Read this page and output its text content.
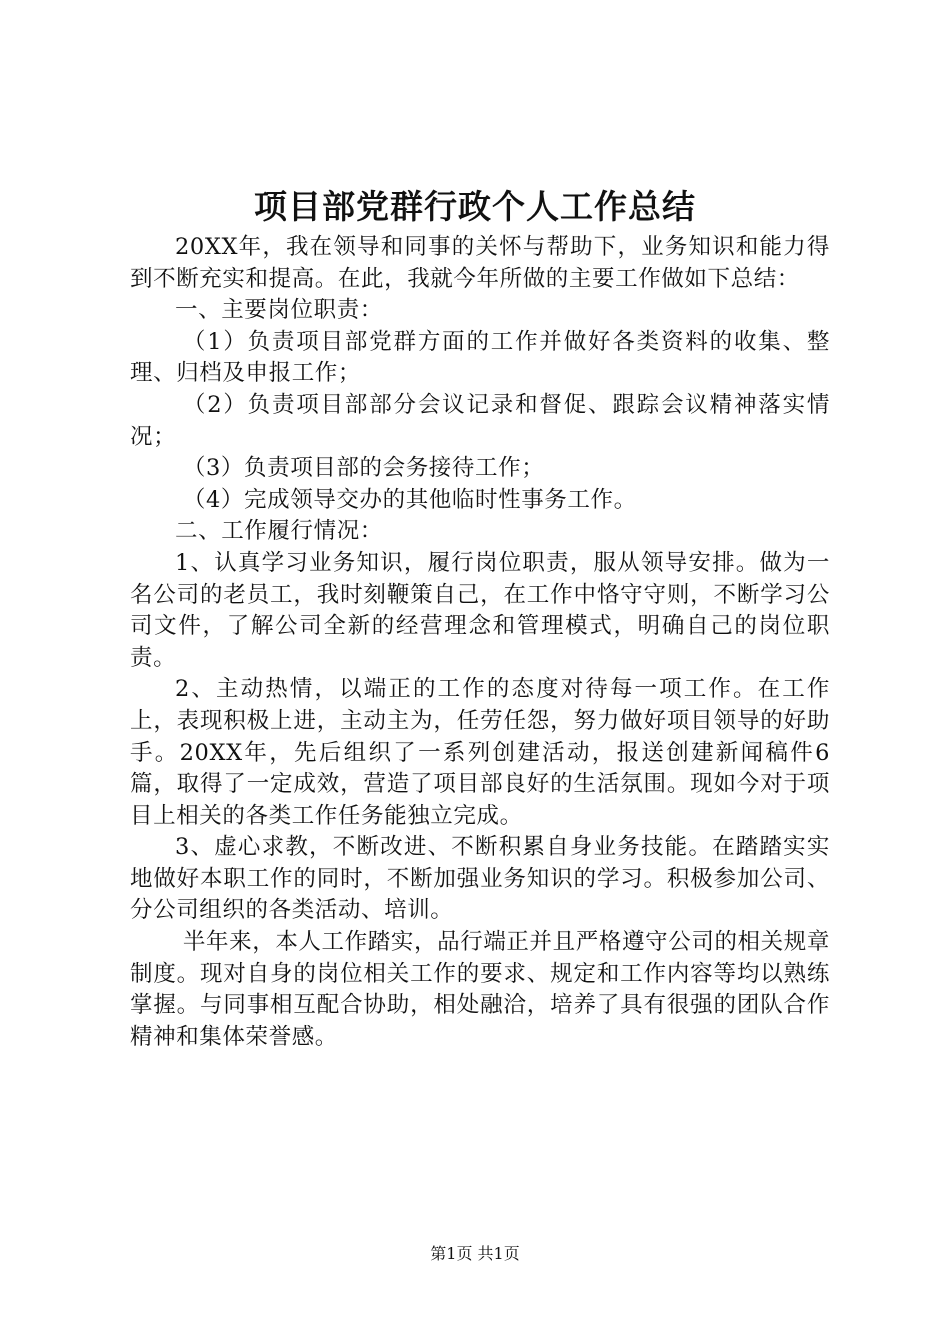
项目部党群行政个人工作总结

20XX年，我在领导和同事的关怀与帮助下，业务知识和能力得到不断充实和提高。在此，我就今年所做的主要工作做如下总结：

一、主要岗位职责：

（1）负责项目部党群方面的工作并做好各类资料的收集、整理、归档及申报工作；

（2）负责项目部部分会议记录和督促、跟踪会议精神落实情况；

（3）负责项目部的会务接待工作；

（4）完成领导交办的其他临时性事务工作。

二、工作履行情况：

1、认真学习业务知识，履行岗位职责，服从领导安排。做为一名公司的老员工，我时刻鞭策自己，在工作中恪守守则，不断学习公司文件，了解公司全新的经营理念和管理模式，明确自己的岗位职责。

2、主动热情，以端正的工作的态度对待每一项工作。在工作上，表现积极上进，主动主为，任劳任怨，努力做好项目领导的好助手。20XX年，先后组织了一系列创建活动，报送创建新闻稿件6篇，取得了一定成效，营造了项目部良好的生活氛围。现如今对于项目上相关的各类工作任务能独立完成。

3、虚心求教，不断改进、不断积累自身业务技能。在踏踏实实地做好本职工作的同时，不断加强业务知识的学习。积极参加公司、分公司组织的各类活动、培训。

半年来，本人工作踏实，品行端正并且严格遵守公司的相关规章制度。现对自身的岗位相关工作的要求、规定和工作内容等均以熟练掌握。与同事相互配合协助，相处融洽，培养了具有很强的团队合作精神和集体荣誉感。

第1页 共1页
